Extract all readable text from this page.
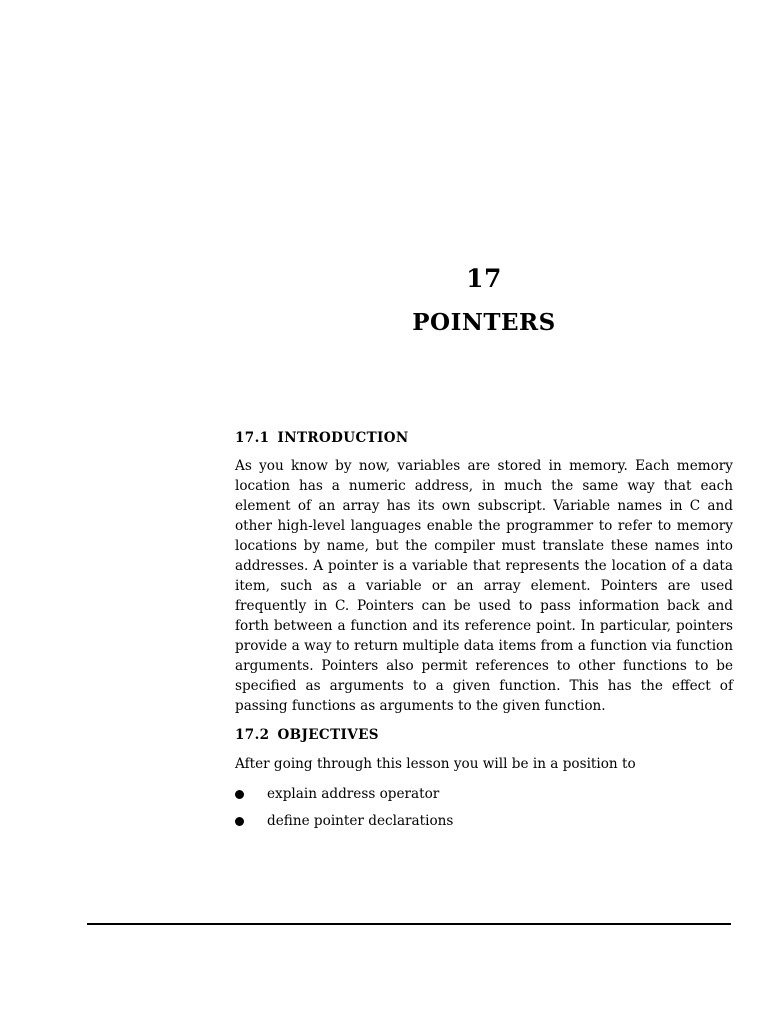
17
POINTERS
17.1 INTRODUCTION

As you know by now, variables are stored in memory. Each memory location has a numeric address, in much the same way that each element of an array has its own subscript. Variable names in C and other high-level languages enable the programmer to refer to memory locations by name, but the compiler must translate these names into addresses. A pointer is a variable that represents the location of a data item, such as a variable or an array element. Pointers are used frequently in C. Pointers can be used to pass information back and forth between a function and its reference point. In particular, pointers provide a way to return multiple data items from a function via function arguments. Pointers also permit references to other functions to be specified as arguments to a given function. This has the effect of passing functions as arguments to the given function.

17.2 OBJECTIVES

After going through this lesson you will be in a position to

explain address operator
define pointer declarations
